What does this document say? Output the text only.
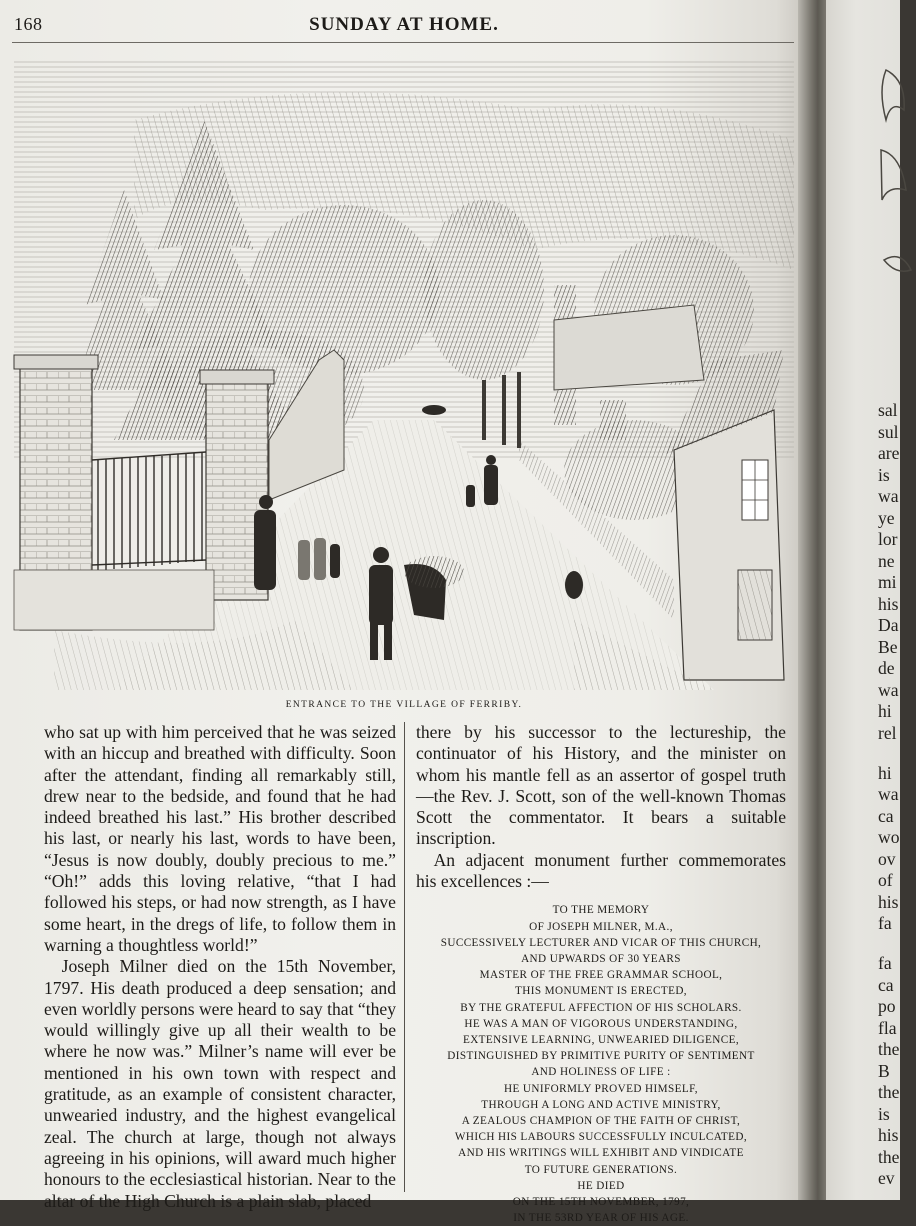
168	SUNDAY AT HOME.
ENTRANCE TO THE VILLAGE OF FERRIBY.

who sat up with him perceived that he was seized with an hiccup and breathed with difficulty. Soon after the attendant, finding all remarkably still, drew near to the bedside, and found that he had indeed breathed his last.” His brother described his last, or nearly his last, words to have been, “Jesus is now doubly, doubly precious to me.” “Oh!” adds this loving relative, “that I had followed his steps, or had now strength, as I have some heart, in the dregs of life, to follow them in warning a thoughtless world!”

Joseph Milner died on the 15th November, 1797. His death produced a deep sensation; and even worldly persons were heard to say that “they would willingly give up all their wealth to be where he now was.” Milner’s name will ever be mentioned in his own town with respect and gratitude, as an example of consistent character, unwearied industry, and the highest evangelical zeal. The church at large, though not always agreeing in his opinions, will award much higher honours to the ecclesiastical historian. Near to the altar of the High Church is a plain slab, placed

there by his successor to the lectureship, the continuator of his History, and the minister on whom his mantle fell as an assertor of gospel truth—the Rev. J. Scott, son of the well-known Thomas Scott the commentator. It bears a suitable inscription.

An adjacent monument further commemorates his excellences :—

TO THE MEMORY
OF JOSEPH MILNER, M.A.,
SUCCESSIVELY LECTURER AND VICAR OF THIS CHURCH,
AND UPWARDS OF 30 YEARS
MASTER OF THE FREE GRAMMAR SCHOOL,
THIS MONUMENT IS ERECTED,
BY THE GRATEFUL AFFECTION OF HIS SCHOLARS.
HE WAS A MAN OF VIGOROUS UNDERSTANDING,
EXTENSIVE LEARNING, UNWEARIED DILIGENCE,
DISTINGUISHED BY PRIMITIVE PURITY OF SENTIMENT
AND HOLINESS OF LIFE :
HE UNIFORMLY PROVED HIMSELF,
THROUGH A LONG AND ACTIVE MINISTRY,
A ZEALOUS CHAMPION OF THE FAITH OF CHRIST,
WHICH HIS LABOURS SUCCESSFULLY INCULCATED,
AND HIS WRITINGS WILL EXHIBIT AND VINDICATE
TO FUTURE GENERATIONS.
HE DIED
ON THE 15TH NOVEMBER, 1797,
IN THE 53RD YEAR OF HIS AGE.
sal
sul
are
is
wa
ye
lor
ne
mi
his
Da
Be
de
wa
hi
rel
hi
wa
ca
wo
ov
of
his
fa
fa
ca
po
fla
the
B
the
is
his
the
ev
